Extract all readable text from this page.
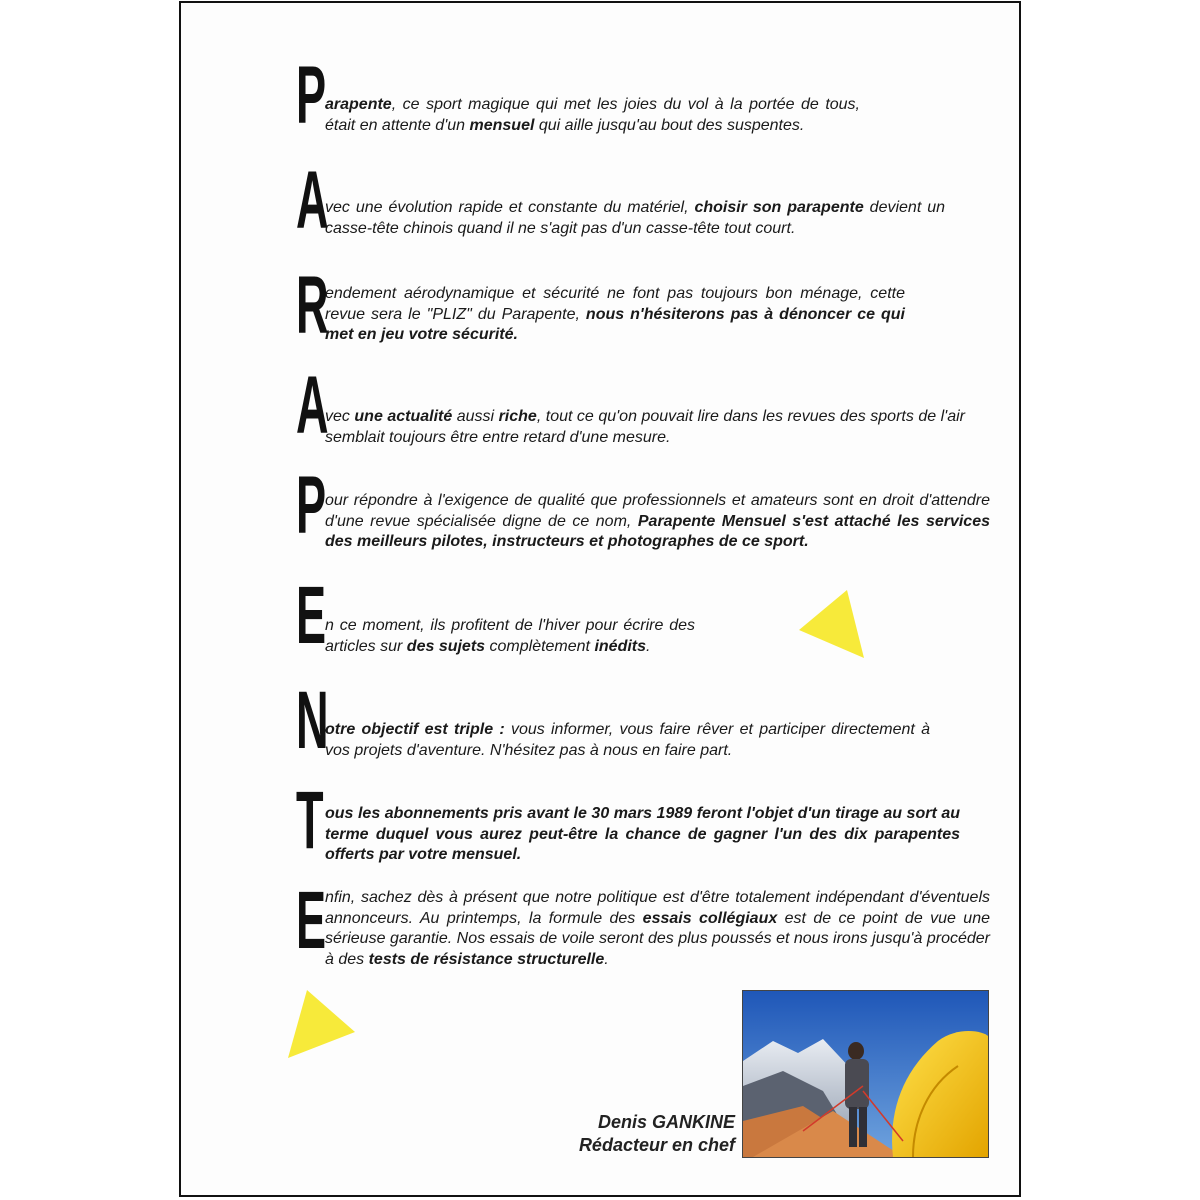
P
A
R
A
P
E
N
T
E
arapente, ce sport magique qui met les joies du vol à la portée de tous, était en attente d'un mensuel qui aille jusqu'au bout des suspentes.
vec une évolution rapide et constante du matériel, choisir son parapente devient un casse-tête chinois quand il ne s'agit pas d'un casse-tête tout court.
endement aérodynamique et sécurité ne font pas toujours bon ménage, cette revue sera le "PLIZ" du Parapente, nous n'hésiterons pas à dénoncer ce qui met en jeu votre sécurité.
vec une actualité aussi riche, tout ce qu'on pouvait lire dans les revues des sports de l'air semblait toujours être entre retard d'une mesure.
our répondre à l'exigence de qualité que professionnels et amateurs sont en droit d'attendre d'une revue spécialisée digne de ce nom, Parapente Mensuel s'est attaché les services des meilleurs pilotes, instructeurs et photographes de ce sport.
n ce moment, ils profitent de l'hiver pour écrire des articles sur des sujets complètement inédits.
otre objectif est triple : vous informer, vous faire rêver et participer directement à vos projets d'aventure. N'hésitez pas à nous en faire part.
ous les abonnements pris avant le 30 mars 1989 feront l'objet d'un tirage au sort au terme duquel vous aurez peut-être la chance de gagner l'un des dix parapentes offerts par votre mensuel.
nfin, sachez dès à présent que notre politique est d'être totalement indépendant d'éventuels annonceurs. Au printemps, la formule des essais collégiaux est de ce point de vue une sérieuse garantie. Nos essais de voile seront des plus poussés et nous irons jusqu'à procéder à des tests de résistance structurelle.
Denis GANKINE
Rédacteur en chef
